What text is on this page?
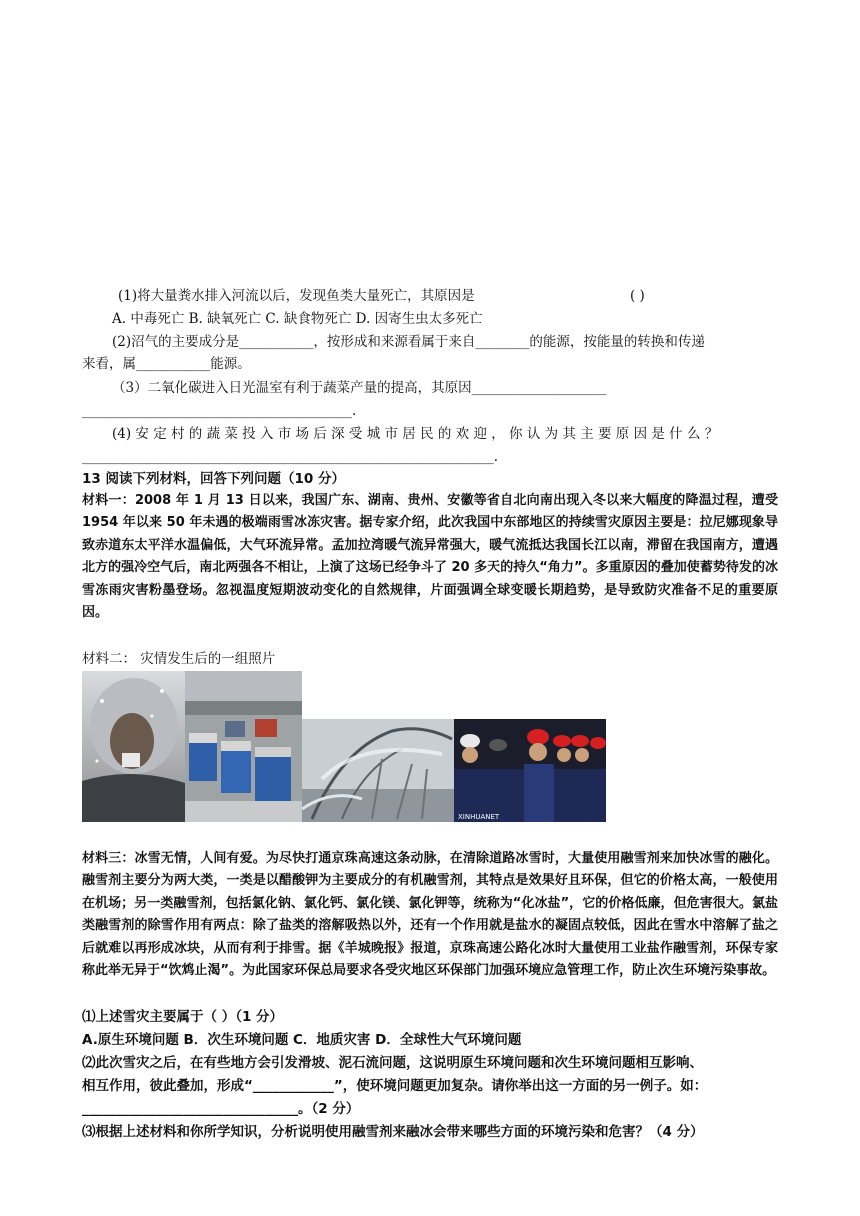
(1)将大量粪水排入河流以后，发现鱼类大量死亡，其原因是	( )
A. 中毒死亡 B. 缺氧死亡 C. 缺食物死亡 D. 因寄生虫太多死亡
(2)沼气的主要成分是___________，按形成和来源看属于来自________的能源，按能量的转换和传递
来看，属___________能源。
（3）二氧化碳进入日光温室有利于蔬菜产量的提高，其原因____________________
________________________________________.
(4) 安 定 村 的 蔬 菜 投 入 市 场 后 深 受 城 市 居 民 的 欢 迎 ， 你 认 为 其 主 要 原 因 是 什 么 ？
_____________________________________________________________.
13 阅读下列材料，回答下列问题（10 分）
材料一：2008 年 1 月 13 日以来，我国广东、湖南、贵州、安徽等省自北向南出现入冬以来大幅度的降温过程，遭受 1954 年以来 50 年未遇的极端雨雪冰冻灾害。据专家介绍，此次我国中东部地区的持续雪灾原因主要是：拉尼娜现象导致赤道东太平洋水温偏低，大气环流异常。孟加拉湾暖气流异常强大，暖气流抵达我国长江以南，滞留在我国南方，遭遇北方的强冷空气后，南北两强各不相让，上演了这场已经争斗了 20 多天的持久“角力”。多重原因的叠加使蓄势待发的冰雪冻雨灾害粉墨登场。忽视温度短期波动变化的自然规律，片面强调全球变暖长期趋势，是导致防灾准备不足的重要原因。
材料二： 灾情发生后的一组照片
XINHUANET
材料三：冰雪无情，人间有爱。为尽快打通京珠高速这条动脉，在清除道路冰雪时，大量使用融雪剂来加快冰雪的融化。融雪剂主要分为两大类，一类是以醋酸钾为主要成分的有机融雪剂，其特点是效果好且环保，但它的价格太高，一般使用在机场；另一类融雪剂，包括氯化钠、氯化钙、氯化镁、氯化钾等，统称为“化冰盐”，它的价格低廉，但危害很大。氯盐类融雪剂的除雪作用有两点：除了盐类的溶解吸热以外，还有一个作用就是盐水的凝固点较低，因此在雪水中溶解了盐之后就难以再形成冰块，从而有利于排雪。据《羊城晚报》报道，京珠高速公路化冰时大量使用工业盐作融雪剂，环保专家称此举无异于“饮鸩止渴”。为此国家环保总局要求各受灾地区环保部门加强环境应急管理工作，防止次生环境污染事故。
⑴上述雪灾主要属于（ ）（1 分）
A.原生环境问题 B．次生环境问题 C．地质灾害 D．全球性大气环境问题
⑵此次雪灾之后，在有些地方会引发滑坡、泥石流问题，这说明原生环境问题和次生环境问题相互影响、
相互作用，彼此叠加，形成“____________”，使环境问题更加复杂。请你举出这一方面的另一例子。如：
________________________________。（2 分）
⑶根据上述材料和你所学知识，分析说明使用融雪剂来融冰会带来哪些方面的环境污染和危害？（4 分）
